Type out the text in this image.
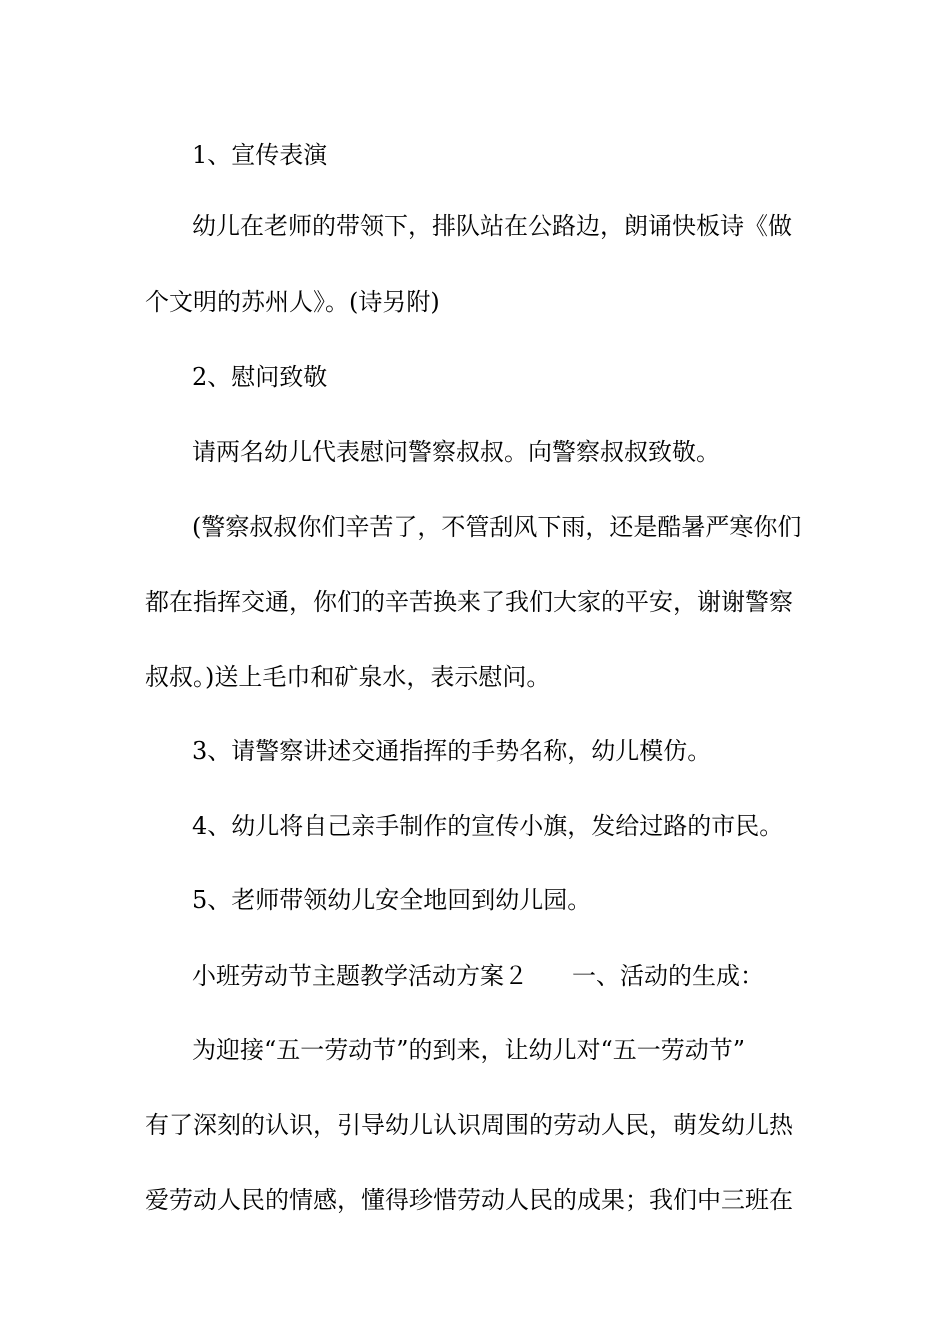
1、宣传表演
幼儿在老师的带领下，排队站在公路边，朗诵快板诗《做
个文明的苏州人》。(诗另附)
2、慰问致敬
请两名幼儿代表慰问警察叔叔。向警察叔叔致敬。
(警察叔叔你们辛苦了，不管刮风下雨，还是酷暑严寒你们
都在指挥交通，你们的辛苦换来了我们大家的平安，谢谢警察
叔叔。)送上毛巾和矿泉水，表示慰问。
3、请警察讲述交通指挥的手势名称，幼儿模仿。
4、幼儿将自己亲手制作的宣传小旗，发给过路的市民。
5、老师带领幼儿安全地回到幼儿园。
小班劳动节主题教学活动方案２ 一、活动的生成：
为迎接“五一劳动节”的到来，让幼儿对“五一劳动节”
有了深刻的认识，引导幼儿认识周围的劳动人民，萌发幼儿热
爱劳动人民的情感，懂得珍惜劳动人民的成果；我们中三班在
